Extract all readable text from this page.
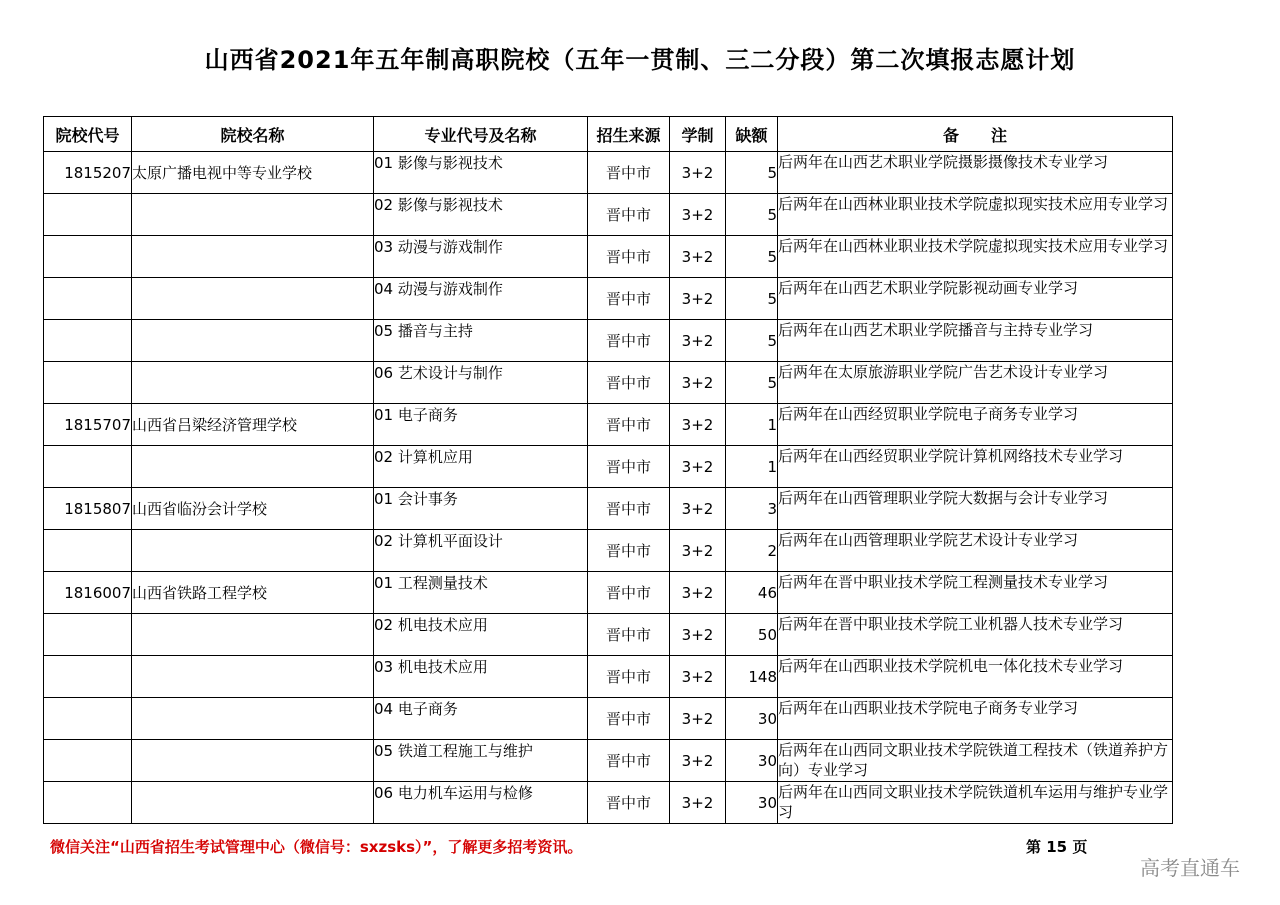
山西省2021年五年制高职院校（五年一贯制、三二分段）第二次填报志愿计划
院校代号	院校名称	专业代号及名称	招生来源	学制	缺额	备　　注
1815207	太原广播电视中等专业学校	01 影像与影视技术	晋中市	3+2	5	后两年在山西艺术职业学院摄影摄像技术专业学习
		02 影像与影视技术	晋中市	3+2	5	后两年在山西林业职业技术学院虚拟现实技术应用专业学习
		03 动漫与游戏制作	晋中市	3+2	5	后两年在山西林业职业技术学院虚拟现实技术应用专业学习
		04 动漫与游戏制作	晋中市	3+2	5	后两年在山西艺术职业学院影视动画专业学习
		05 播音与主持	晋中市	3+2	5	后两年在山西艺术职业学院播音与主持专业学习
		06 艺术设计与制作	晋中市	3+2	5	后两年在太原旅游职业学院广告艺术设计专业学习
1815707	山西省吕梁经济管理学校	01 电子商务	晋中市	3+2	1	后两年在山西经贸职业学院电子商务专业学习
		02 计算机应用	晋中市	3+2	1	后两年在山西经贸职业学院计算机网络技术专业学习
1815807	山西省临汾会计学校	01 会计事务	晋中市	3+2	3	后两年在山西管理职业学院大数据与会计专业学习
		02 计算机平面设计	晋中市	3+2	2	后两年在山西管理职业学院艺术设计专业学习
1816007	山西省铁路工程学校	01 工程测量技术	晋中市	3+2	46	后两年在晋中职业技术学院工程测量技术专业学习
		02 机电技术应用	晋中市	3+2	50	后两年在晋中职业技术学院工业机器人技术专业学习
		03 机电技术应用	晋中市	3+2	148	后两年在山西职业技术学院机电一体化技术专业学习
		04 电子商务	晋中市	3+2	30	后两年在山西职业技术学院电子商务专业学习
		05 铁道工程施工与维护	晋中市	3+2	30	后两年在山西同文职业技术学院铁道工程技术（铁道养护方向）专业学习
		06 电力机车运用与检修	晋中市	3+2	30	后两年在山西同文职业技术学院铁道机车运用与维护专业学习
微信关注“山西省招生考试管理中心（微信号：sxzsks）”，了解更多招考资讯。	第 15 页
高考直通车
